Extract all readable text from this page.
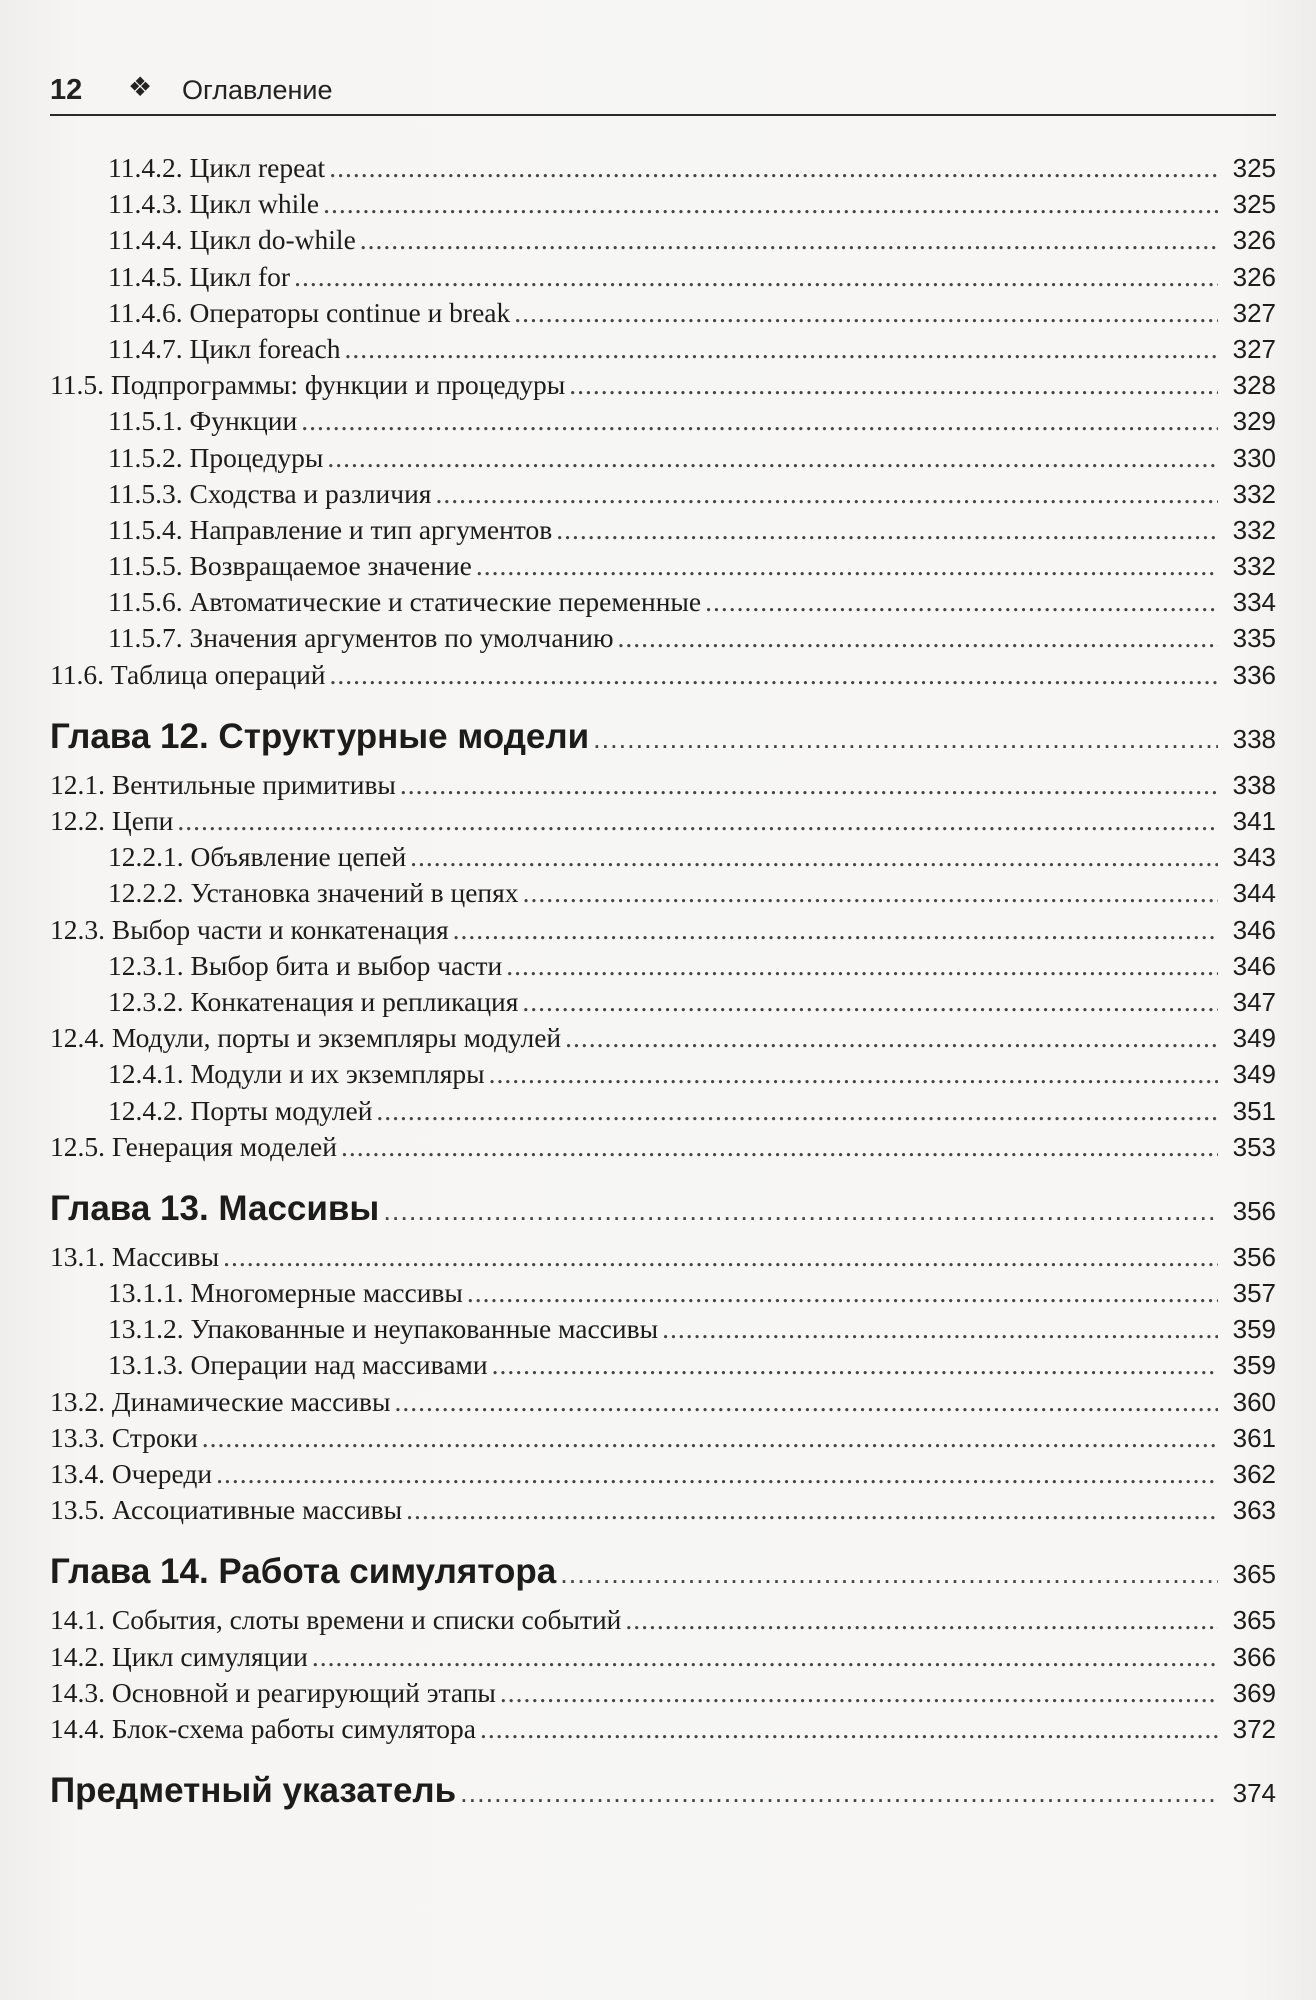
12 ❖ Оглавление
11.4.2. Цикл repeat .....	325
11.4.3. Цикл while .....	325
11.4.4. Цикл do-while .....	326
11.4.5. Цикл for .....	326
11.4.6. Операторы continue и break .....	327
11.4.7. Цикл foreach .....	327
11.5. Подпрограммы: функции и процедуры .....	328
11.5.1. Функции .....	329
11.5.2. Процедуры .....	330
11.5.3. Сходства и различия .....	332
11.5.4. Направление и тип аргументов .....	332
11.5.5. Возвращаемое значение .....	332
11.5.6. Автоматические и статические переменные .....	334
11.5.7. Значения аргументов по умолчанию .....	335
11.6. Таблица операций .....	336
Глава 12. Структурные модели .....	338
12.1. Вентильные примитивы .....	338
12.2. Цепи .....	341
12.2.1. Объявление цепей .....	343
12.2.2. Установка значений в цепях .....	344
12.3. Выбор части и конкатенация .....	346
12.3.1. Выбор бита и выбор части .....	346
12.3.2. Конкатенация и репликация .....	347
12.4. Модули, порты и экземпляры модулей .....	349
12.4.1. Модули и их экземпляры .....	349
12.4.2. Порты модулей .....	351
12.5. Генерация моделей .....	353
Глава 13. Массивы .....	356
13.1. Массивы .....	356
13.1.1. Многомерные массивы .....	357
13.1.2. Упакованные и неупакованные массивы .....	359
13.1.3. Операции над массивами .....	359
13.2. Динамические массивы .....	360
13.3. Строки .....	361
13.4. Очереди .....	362
13.5. Ассоциативные массивы .....	363
Глава 14. Работа симулятора .....	365
14.1. События, слоты времени и списки событий .....	365
14.2. Цикл симуляции .....	366
14.3. Основной и реагирующий этапы .....	369
14.4. Блок-схема работы симулятора .....	372
Предметный указатель .....	374
